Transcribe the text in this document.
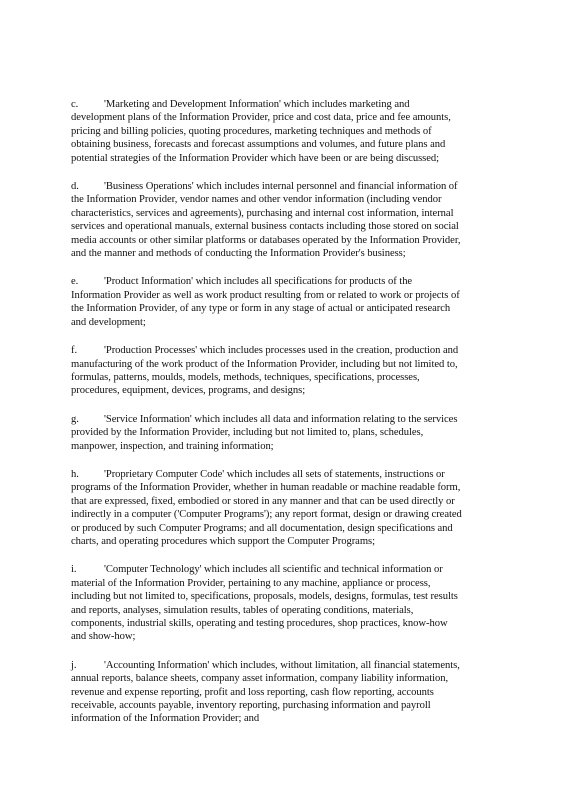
c. 'Marketing and Development Information' which includes marketing and
development plans of the Information Provider, price and cost data, price and fee amounts,
pricing and billing policies, quoting procedures, marketing techniques and methods of
obtaining business, forecasts and forecast assumptions and volumes, and future plans and
potential strategies of the Information Provider which have been or are being discussed;
d. 'Business Operations' which includes internal personnel and financial information of
the Information Provider, vendor names and other vendor information (including vendor
characteristics, services and agreements), purchasing and internal cost information, internal
services and operational manuals, external business contacts including those stored on social
media accounts or other similar platforms or databases operated by the Information Provider,
and the manner and methods of conducting the Information Provider's business;
e. 'Product Information' which includes all specifications for products of the
Information Provider as well as work product resulting from or related to work or projects of
the Information Provider, of any type or form in any stage of actual or anticipated research
and development;
f.	'Production Processes' which includes processes used in the creation, production and
manufacturing of the work product of the Information Provider, including but not limited to,
formulas, patterns, moulds, models, methods, techniques, specifications, processes,
procedures, equipment, devices, programs, and designs;
g. 'Service Information' which includes all data and information relating to the services
provided by the Information Provider, including but not limited to, plans, schedules,
manpower, inspection, and training information;
h. 'Proprietary Computer Code' which includes all sets of statements, instructions or
programs of the Information Provider, whether in human readable or machine readable form,
that are expressed, fixed, embodied or stored in any manner and that can be used directly or
indirectly in a computer ('Computer Programs'); any report format, design or drawing created
or produced by such Computer Programs; and all documentation, design specifications and
charts, and operating procedures which support the Computer Programs;
i.	'Computer Technology' which includes all scientific and technical information or
material of the Information Provider, pertaining to any machine, appliance or process,
including but not limited to, specifications, proposals, models, designs, formulas, test results
and reports, analyses, simulation results, tables of operating conditions, materials,
components, industrial skills, operating and testing procedures, shop practices, know-how
and show-how;
j.	'Accounting Information' which includes, without limitation, all financial statements,
annual reports, balance sheets, company asset information, company liability information,
revenue and expense reporting, profit and loss reporting, cash flow reporting, accounts
receivable, accounts payable, inventory reporting, purchasing information and payroll
information of the Information Provider; and
